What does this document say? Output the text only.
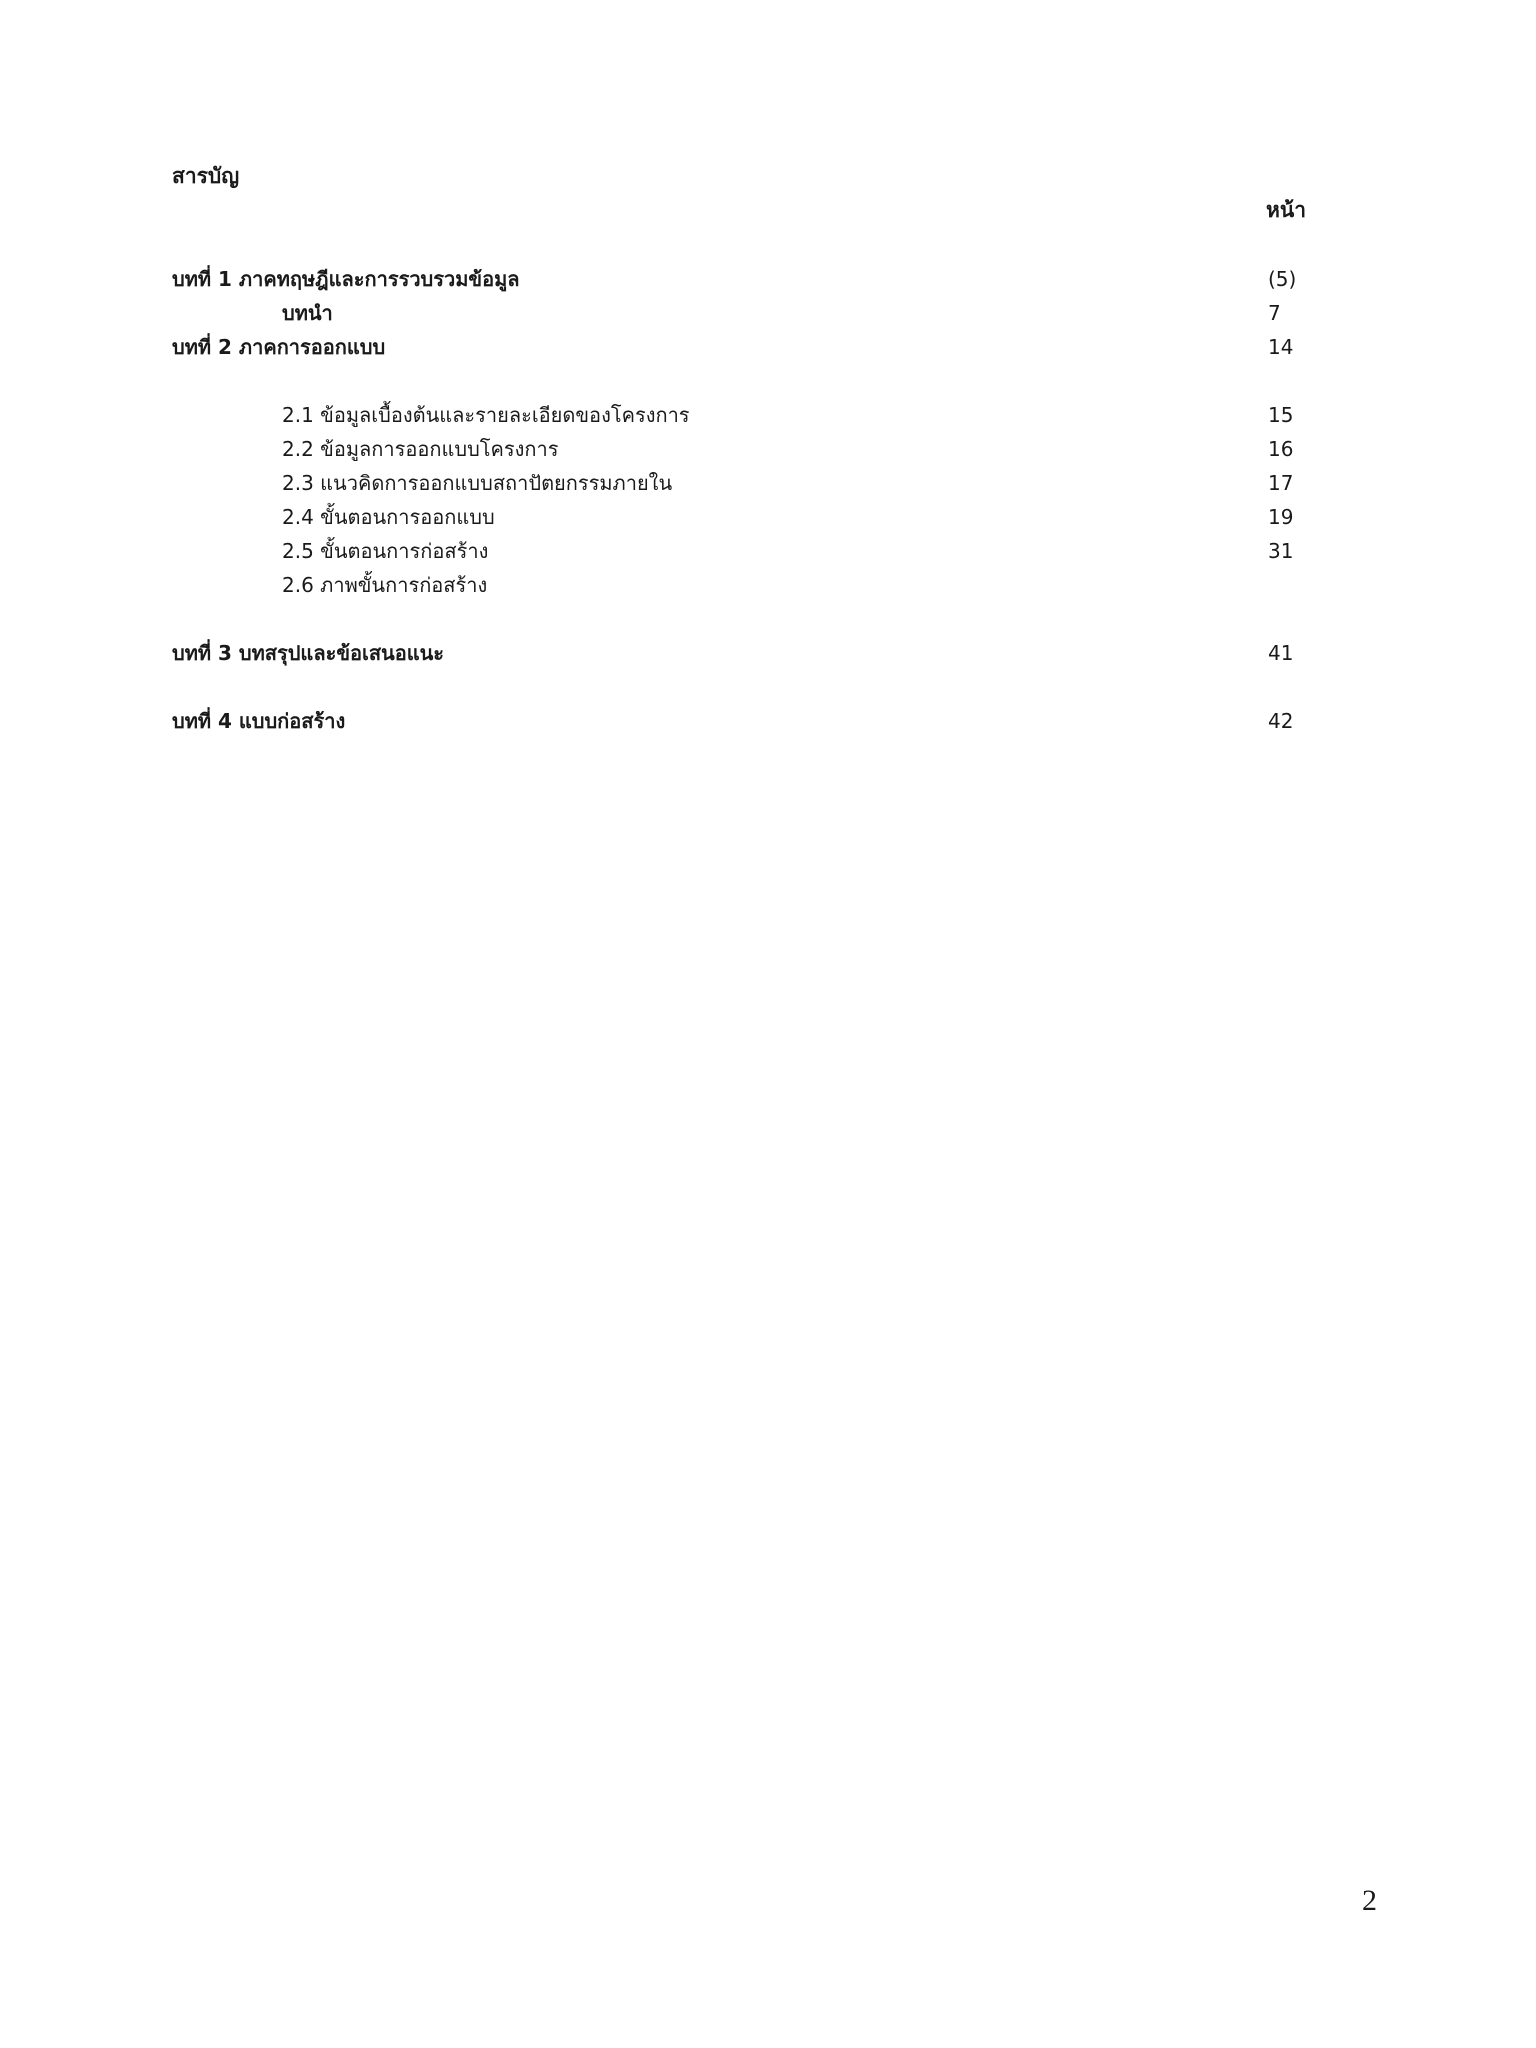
สารบัญ
หน้า
บทที่ 1 ภาคทฤษฎีและการรวบรวมข้อมูล	(5)
บทนำ	7
บทที่ 2 ภาคการออกแบบ	14
2.1 ข้อมูลเบื้องต้นและรายละเอียดของโครงการ	15
2.2 ข้อมูลการออกแบบโครงการ	16
2.3 แนวคิดการออกแบบสถาปัตยกรรมภายใน	17
2.4 ขั้นตอนการออกแบบ	19
2.5 ขั้นตอนการก่อสร้าง	31
2.6 ภาพขั้นการก่อสร้าง
บทที่ 3 บทสรุปและข้อเสนอแนะ	41
บทที่ 4 แบบก่อสร้าง	42
2
